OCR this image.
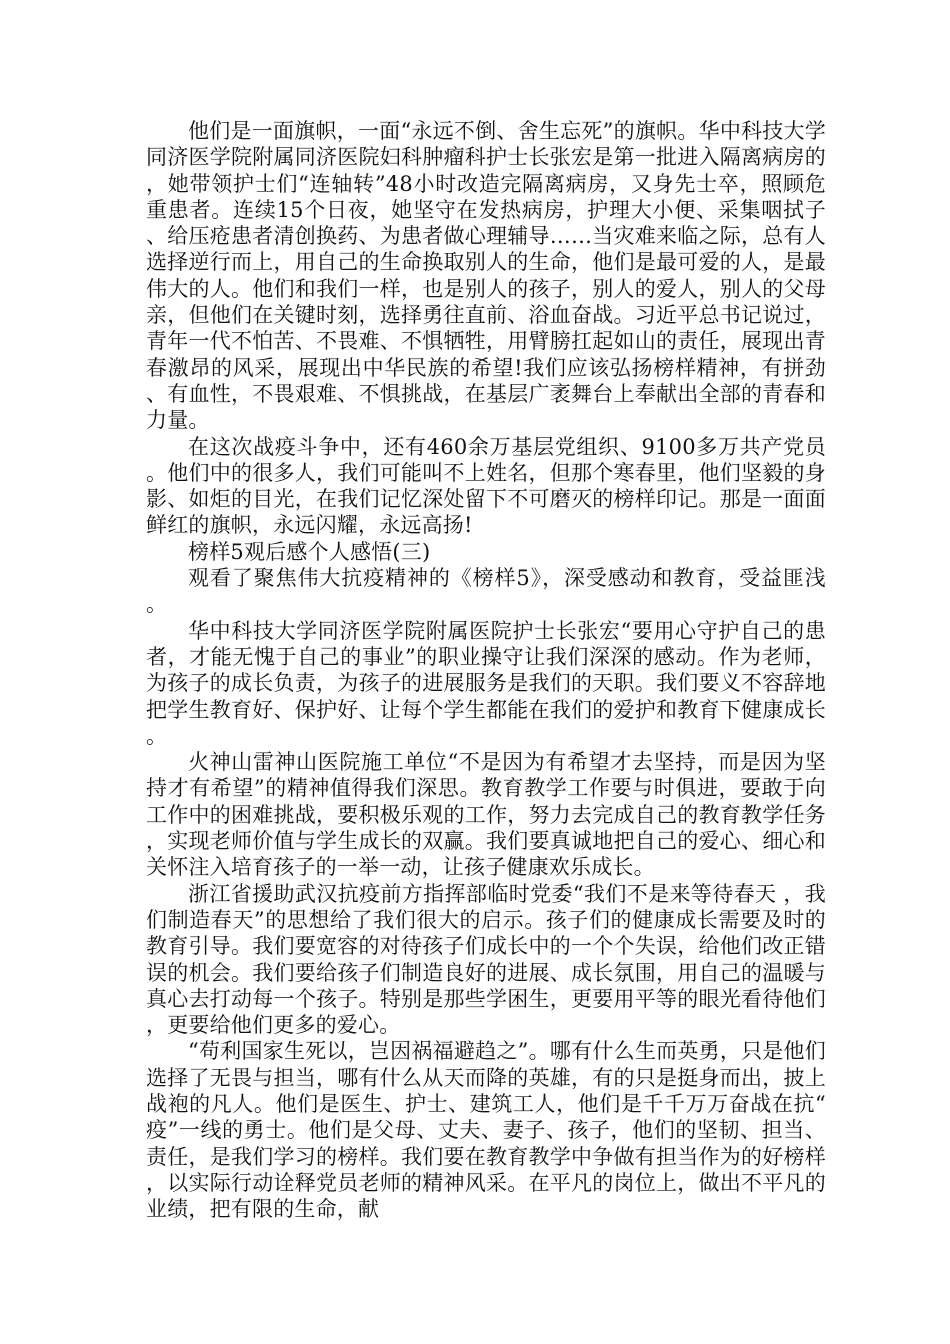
他们是一面旗帜，一面“永远不倒、舍生忘死”的旗帜。华中科技大学同济医学院附属同济医院妇科肿瘤科护士长张宏是第一批进入隔离病房的，她带领护士们“连轴转”48小时改造完隔离病房，又身先士卒，照顾危重患者。连续15个日夜，她坚守在发热病房，护理大小便、采集咽拭子、给压疮患者清创换药、为患者做心理辅导……当灾难来临之际，总有人选择逆行而上，用自己的生命换取别人的生命，他们是最可爱的人，是最伟大的人。他们和我们一样，也是别人的孩子，别人的爱人，别人的父母亲，但他们在关键时刻，选择勇往直前、浴血奋战。习近平总书记说过，青年一代不怕苦、不畏难、不惧牺牲，用臂膀扛起如山的责任，展现出青春激昂的风采，展现出中华民族的希望!我们应该弘扬榜样精神，有拼劲、有血性，不畏艰难、不惧挑战，在基层广袤舞台上奉献出全部的青春和力量。

在这次战疫斗争中，还有460余万基层党组织、9100多万共产党员。他们中的很多人，我们可能叫不上姓名，但那个寒春里，他们坚毅的身影、如炬的目光，在我们记忆深处留下不可磨灭的榜样印记。那是一面面鲜红的旗帜，永远闪耀，永远高扬!

榜样5观后感个人感悟(三)

观看了聚焦伟大抗疫精神的《榜样5》，深受感动和教育，受益匪浅。

华中科技大学同济医学院附属医院护士长张宏“要用心守护自己的患者，才能无愧于自己的事业”的职业操守让我们深深的感动。作为老师，为孩子的成长负责，为孩子的进展服务是我们的天职。我们要义不容辞地把学生教育好、保护好、让每个学生都能在我们的爱护和教育下健康成长。

火神山雷神山医院施工单位“不是因为有希望才去坚持，而是因为坚持才有希望”的精神值得我们深思。教育教学工作要与时俱进，要敢于向工作中的困难挑战，要积极乐观的工作，努力去完成自己的教育教学任务，实现老师价值与学生成长的双赢。我们要真诚地把自己的爱心、细心和关怀注入培育孩子的一举一动，让孩子健康欢乐成长。

浙江省援助武汉抗疫前方指挥部临时党委“我们不是来等待春天 ，我们制造春天”的思想给了我们很大的启示。孩子们的健康成长需要及时的教育引导。我们要宽容的对待孩子们成长中的一个个失误，给他们改正错误的机会。我们要给孩子们制造良好的进展、成长氛围，用自己的温暖与真心去打动每一个孩子。特别是那些学困生，更要用平等的眼光看待他们，更要给他们更多的爱心。

“苟利国家生死以，岂因祸福避趋之”。哪有什么生而英勇，只是他们选择了无畏与担当，哪有什么从天而降的英雄，有的只是挺身而出，披上战袍的凡人。他们是医生、护士、建筑工人，他们是千千万万奋战在抗“疫”一线的勇士。他们是父母、丈夫、妻子、孩子，他们的坚韧、担当、责任，是我们学习的榜样。我们要在教育教学中争做有担当作为的好榜样，以实际行动诠释党员老师的精神风采。在平凡的岗位上，做出不平凡的业绩，把有限的生命，献
